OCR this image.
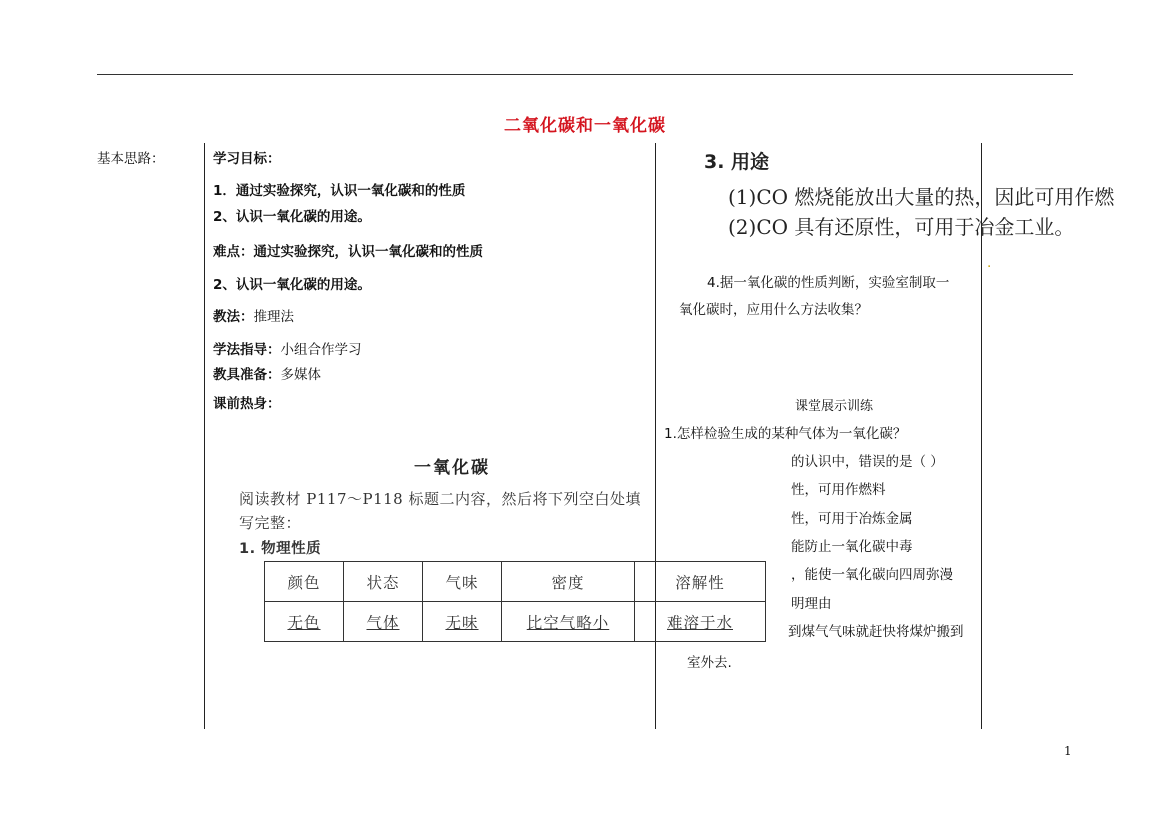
二氧化碳和一氧化碳
基本思路：	学习目标：
1．通过实验探究，认识一氧化碳和的性质
2、认识一氧化碳的用途。
难点：通过实验探究，认识一氧化碳和的性质
2、认识一氧化碳的用途。
教法：推理法
学法指导：小组合作学习
教具准备：多媒体
课前热身：
一氧化碳
阅读教材 P117～P118 标题二内容，然后将下列空白处填
写完整：
1. 物理性质
颜色	状态	气味	密度	溶解性
无色	气体	无味	比空气略小	难溶于水
3. 用途
(1)CO 燃烧能放出大量的热，因此可用作燃
(2)CO 具有还原性，可用于冶金工业。
4.据一氧化碳的性质判断，实验室制取一
氧化碳时，应用什么方法收集？
.
课堂展示训练
1.怎样检验生成的某种气体为一氧化碳？
的认识中，错误的是（ ）
性，可用作燃料
性，可用于冶炼金属
能防止一氧化碳中毒
，能使一氧化碳向四周弥漫
明理由
到煤气气味就赶快将煤炉搬到
室外去.
1
